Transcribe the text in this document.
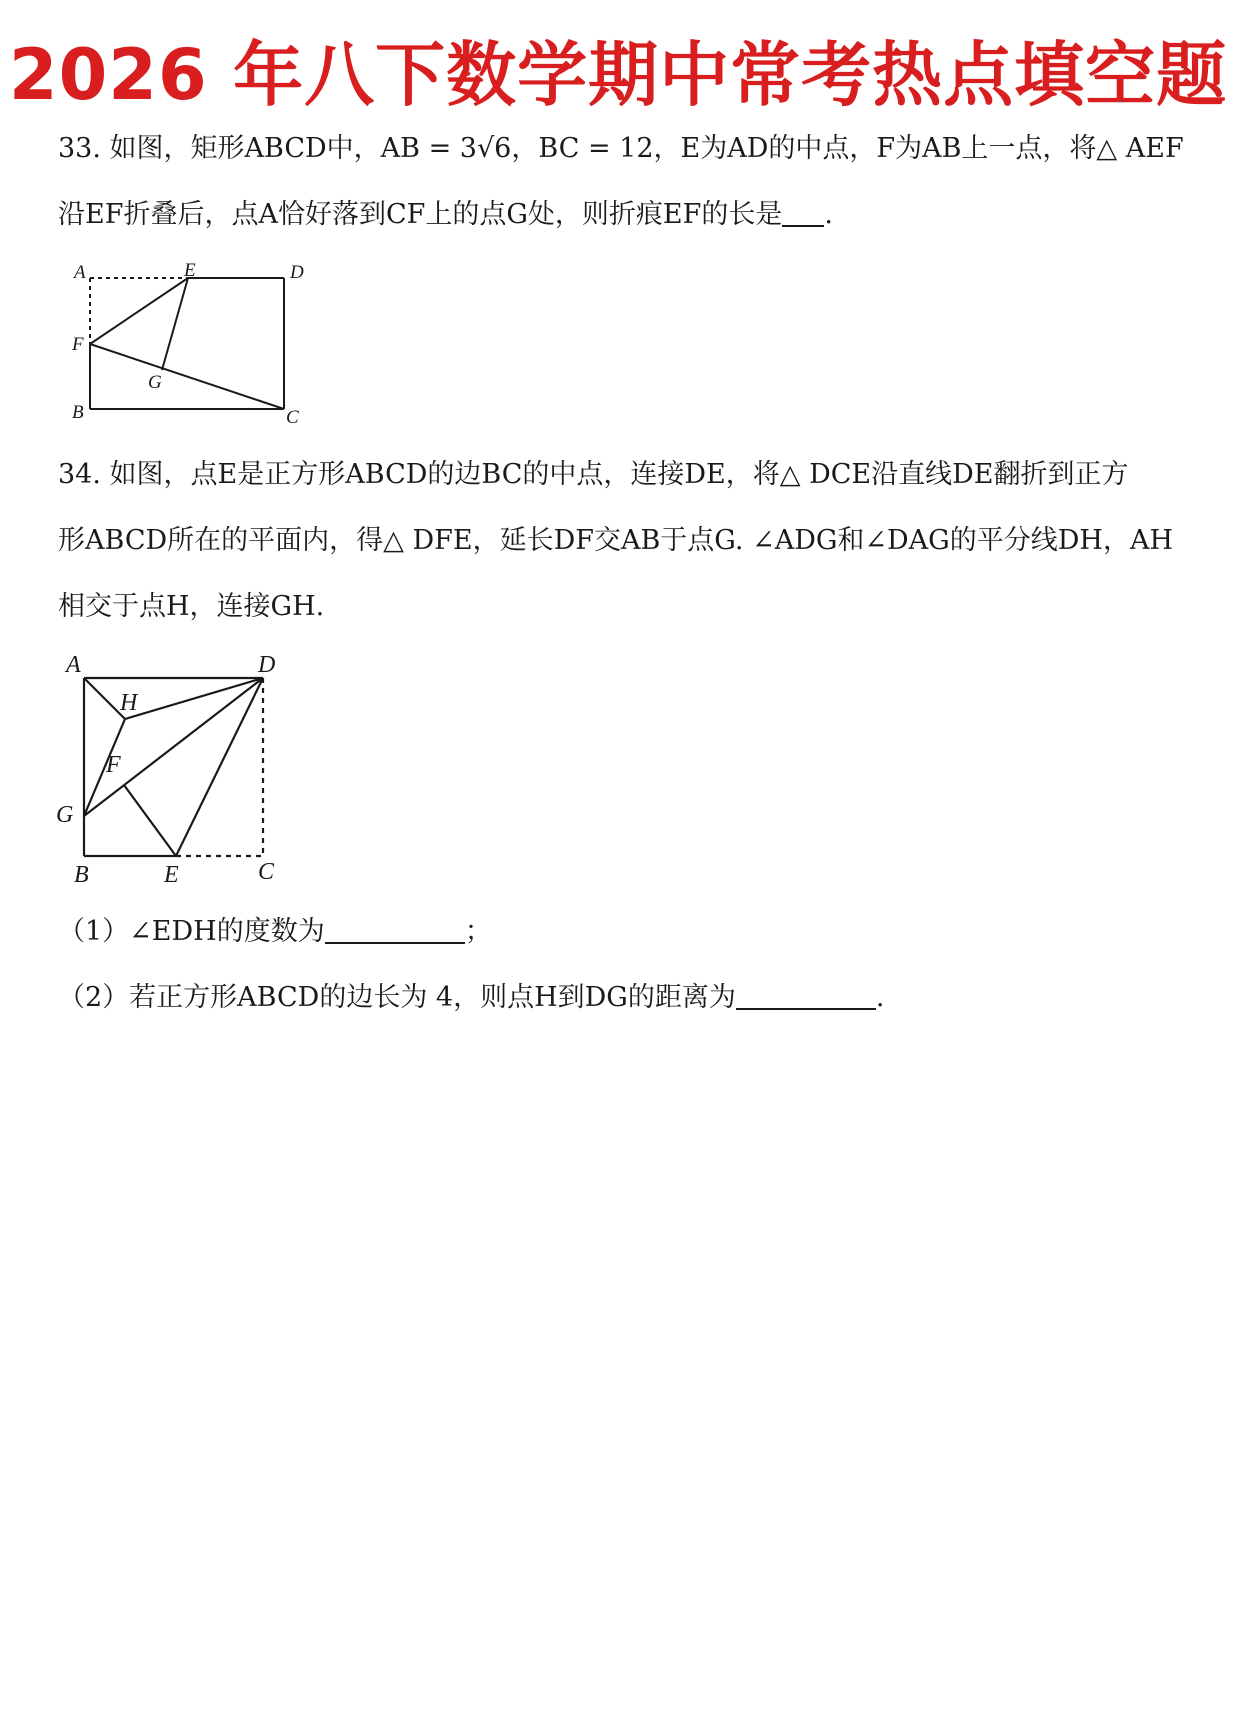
2026 年八下数学期中常考热点填空题
33. 如图，矩形ABCD中，AB = 3√6，BC = 12，E为AD的中点，F为AB上一点，将△ AEF
沿EF折叠后，点A恰好落到CF上的点G处，则折痕EF的长是 .
A	E	D
F
G
B	C
34. 如图，点E是正方形ABCD的边BC的中点，连接DE，将△ DCE沿直线DE翻折到正方
形ABCD所在的平面内，得△ DFE，延长DF交AB于点G. ∠ADG和∠DAG的平分线DH，AH
相交于点H，连接GH.
A	D
H
F
G
B	E	C
（1）∠EDH的度数为	；
（2）若正方形ABCD的边长为 4，则点H到DG的距离为	.
